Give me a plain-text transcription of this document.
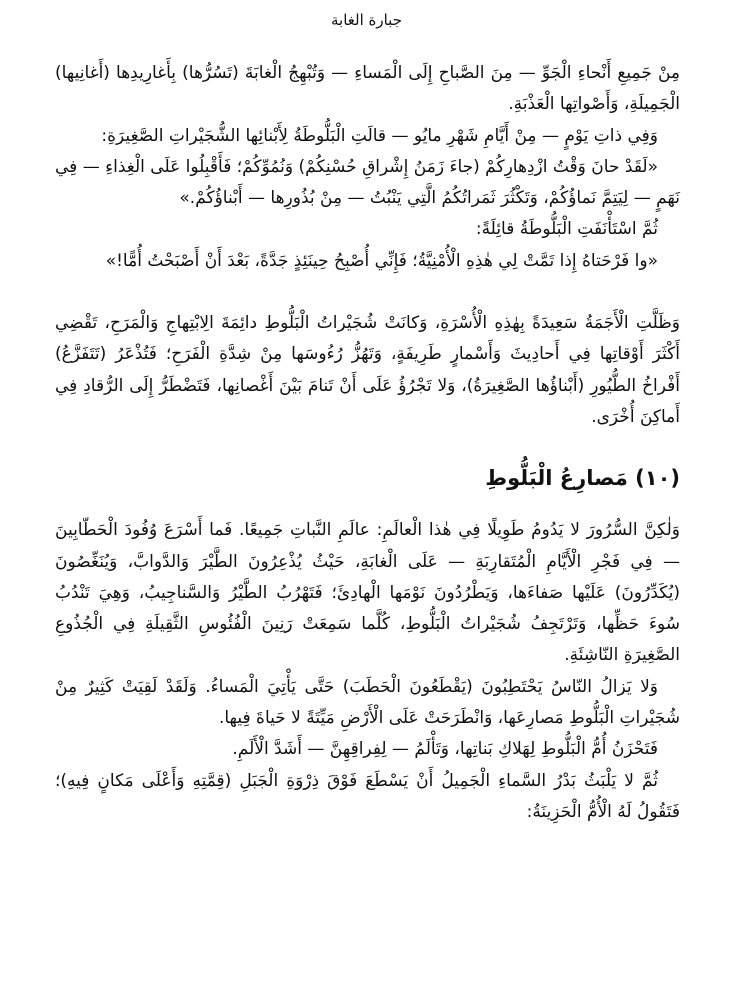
جبارة الغابة

مِنْ جَمِيعِ أَنْحاءِ الْجَوِّ — مِنَ الصَّباحِ إِلَى الْمَساءِ — وَتُبْهِجُ الْغابَةَ (تَسُرُّها) بِأَغارِيدِها (أَغانِيها) الْجَمِيلَةِ، وَأَصْواتِها الْعَذْبَةِ.

وَفِي ذاتِ يَوْمٍ — مِنْ أَيَّامِ شَهْرِ مايُو — قالَتِ الْبَلُّوطَةُ لِأَبْنائِها الشُّجَيْراتِ الصَّغِيرَةِ:

«لَقَدْ حانَ وَقْتُ ازْدِهارِكُمْ (جاءَ زَمَنُ إِشْراقِ حُسْنِكُمْ) وَنُمُوِّكُمْ؛ فَأَقْبِلُوا عَلَى الْغِذاءِ — فِي نَهَمٍ — لِيَتِمَّ نَماؤُكُمْ، وَتَكْثُرَ ثَمَراتُكُمُ الَّتِي يَنْبُتُ — مِنْ بُذُورِها — أَبْناؤُكُمْ.»

ثُمَّ اسْتَأْنَفَتِ الْبَلُّوطَةُ قائِلَةً:

«وا فَرْحَتاهُ إِذا تَمَّتْ لِي هٰذِهِ الْأُمْنِيَّةُ؛ فَإِنِّي أُصْبِحُ حِينَئِذٍ جَدَّةً، بَعْدَ أَنْ أَصْبَحْتُ أُمًّا!»

وَظَلَّتِ الْأَجَمَةُ سَعِيدَةً بِهٰذِهِ الْأُسْرَةِ، وَكانَتْ شُجَيْراتُ الْبَلُّوطِ دائِمَةَ الِابْتِهاجِ وَالْمَرَحِ، تَقْضِي أَكْثَرَ أَوْقاتِها فِي أَحادِيثَ وَأَسْمارٍ طَرِيفَةٍ، وَتَهُزُّ رُءُوسَها مِنْ شِدَّةِ الْفَرَحِ؛ فَتُذْعَرُ (تَتَفَزَّعُ) أَفْراخُ الطُّيُورِ (أَبْناؤُها الصَّغِيرَةُ)، وَلا تَجْرُؤُ عَلَى أَنْ تَنامَ بَيْنَ أَغْصانِها، فَتَضْطَرُّ إِلَى الرُّقادِ فِي أَماكِنَ أُخْرَى.

(١٠) مَصارِعُ الْبَلُّوطِ

وَلٰكِنَّ السُّرُورَ لا يَدُومُ طَوِيلًا فِي هٰذا الْعالَمِ: عالَمِ النَّباتِ جَمِيعًا. فَما أَسْرَعَ وُفُودَ الْحَطّابِينَ — فِي فَجْرِ الْأَيَّامِ الْمُتَقارِبَةِ — عَلَى الْغابَةِ، حَيْثُ يُذْعِرُونَ الطَّيْرَ وَالدَّوابَّ، وَيُنَغِّصُونَ (يُكَدِّرُونَ) عَلَيْها صَفاءَها، وَيَطْرُدُونَ نَوْمَها الْهادِئَ؛ فَتَهْرُبُ الطَّيْرُ وَالسَّناجِيبُ، وَهِيَ تَنْدُبُ سُوءَ حَظِّها، وَتَرْتَجِفُ شُجَيْراتُ الْبَلُّوطِ، كُلَّما سَمِعَتْ رَنِينَ الْفُئُوسِ الثَّقِيلَةِ فِي الْجُذُوعِ الصَّغِيرَةِ النّاشِئَةِ.

وَلا يَزالُ النّاسُ يَحْتَطِبُونَ (يَقْطَعُونَ الْحَطَبَ) حَتَّى يَأْتِيَ الْمَساءُ. وَلَقَدْ لَقِيَتْ كَثِيرٌ مِنْ شُجَيْراتِ الْبَلُّوطِ مَصارِعَها، وَانْطَرَحَتْ عَلَى الْأَرْضِ مَيِّتَةً لا حَياةَ فِيها.

فَتَحْزَنُ أُمُّ الْبَلُّوطِ لِهَلاكِ بَناتِها، وَتَأْلَمُ — لِفِراقِهِنَّ — أَشَدَّ الْأَلَمِ.

ثُمَّ لا يَلْبَثُ بَدْرُ السَّماءِ الْجَمِيلُ أَنْ يَسْطَعَ فَوْقَ ذِرْوَةِ الْجَبَلِ (قِمَّتِهِ وَأَعْلَى مَكانٍ فِيهِ)؛ فَتَقُولُ لَهُ الْأُمُّ الْحَزِينَةُ:
